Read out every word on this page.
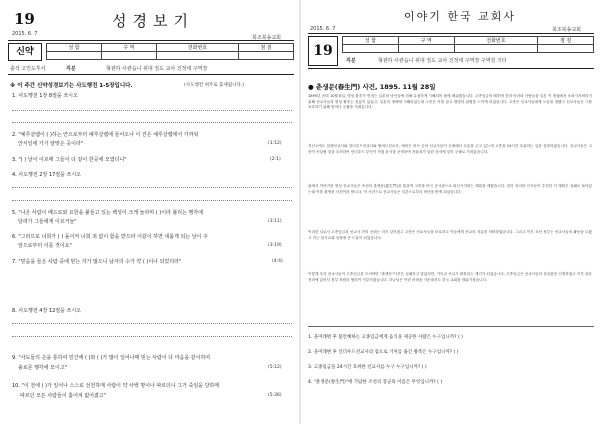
19	성경보기
2015. 6. 7
북조북송교회
신약	성 함	구 역	전화번호	점 검

출석 고린도후서	직분	형관하 사관습니 위대 정도 교사 진정대 구역장
※ 이 주간 신약성경보기는 사도행전 1-5장입니다.	(사도행전 위주로 출제됩니다.)
1. 사도행전 1장 8절을 쓰시오
2. "예루살렘이 ( )하는 안으로부터 예루살렘에 들어오나 이 잔은 예루살렘에서 가까워
안식일에 가기 알맞은 곳이라"	(1:12)
3. "( ) 날이 이르매 그들이 다 같이 한곳에 모였더니"	(2:1)
4. 사도행전 2장 17절을 쓰시오
5. "나온 사람이 베드로와 요한을 붙들고 있는 백성이 크게 놀라며 ( )이라 불리는 행각에
달려가 그들에게 이르거늘"	(3:11)
6. "그러므로 너희가 ( ) 돌이켜 너희 죄 없이 함을 받으라 이같이 하면 새롭게 되는 날이 주
앞으로부터 이를 것이요"	(3:19)
7. "믿음을 들은 사람 중에 믿는 자가 많으니 남자의 수가 약 ( )이나 되었더라"	(4:4)
8. 사도행전 4장 12절을 쓰시오
9. "사도들의 손을 통하여 민간에 ( )와 ( )가 많이 일어나매 믿는 사람이 다 마음을 같이하여
솔로몬 행각에 모이고"	(5:12)
10. "이 전에 ( )가 일어나 스스로 선전하매 사람이 약 사백 명이나 따르더니 그가 죽임을 당하매
따르던 모든 사람들이 흩어져 없어졌고"	(5:36)
이야기 한국 교회사
2015. 6. 7	북조북송교회
19
성 함	구 역	전화번호	점 검

직분	형관하 사관습니 위대 정도 교사 진정대 구역장 구역원 기타
● 춘생문(春生門) 사건, 1895. 11월 28일

1895년 음력 10월 8일, 명성 황후가 민비는 일본의 낭인들에 의해 무참하게 시해되어 불에 태워졌습니다. 고종임금의 배후에 친미·친러파 사람들을 일본 이 정권에서 소외시켜버리기 위해 선교사들과 명성 황후는 친분이 있었고, 일본의 정략에 시해되었는데 고종은 이를 알고 생명의 위협을 느끼게 되었습니다. 고종은 선교사들에게 도움을 청했고 선교사들은 그를 보호하기 위해 밤마다 궁궐을 지켰습니다.

지난주에도 알렌선교사와 언더우드선교사와 헐버트선교사, 에비슨 의사 등의 선교사들이 궁궐에서 도움을 주고 있는데 고종을 24시간 호위하는 일을 감당하였습니다. 선교사들은 고종이 독살될 것을 우려하여 언더우드 부인이 직접 음식을 준비하여 자물쇠가 달린 상자에 넣어 궁궐로 가져갔습니다.

위에서 이야기한 명성 선교사들은 조선의 춘생문(春生門)을 통하여 고종을 미국 공사관으로 피신시키려는 계획을 세웠습니다. 친미 친러파 인사들이 추진한 이 계획은 실패로 돌아갔는데 이를 춘생문 사건이라 합니다. 이 사건으로 선교사들은 일본으로부터 비난을 받게 되었습니다.

이러한 일로서 고종임금과 선교사 간의 신뢰는 더욱 깊어졌고 고종은 선교사들을 보호하고 이들에게 선교의 자유를 허락하였습니다. 그리고 이후 조선 정부는 선교사들의 활동을 도왔고 이는 한국교회 성장에 큰 도움이 되었습니다.

이렇게 우리 선교사들이 고종임금을 모셔야만 "춘생문"사건은 실패하고 말았지만, 기독교 선교가 확장되는 계기가 되었습니다. 고종임금은 선교사들의 성실함을 인정하였고 이후 복음 전파에 있어서 정부 차원의 협력이 이루어졌습니다. 하나님은 이런 어려움 가운데서도 한국 교회를 세워가셨습니다.

1. 을미래변 후 불안해하는 고종임금에게 음식을 제공한 사람은 누구입니까? ( )
2. 을미래변 후 언더우드선교사의 집으로 거처를 옮긴 왕족은 누구입니까? ( )
3. 고종임금을 24시간 호위한 선교사를 누구 누구입니까? ( )
4. "춘생문(春生門)"에 가담한 조선의 장군의 이름은 무엇입니까? ( )
